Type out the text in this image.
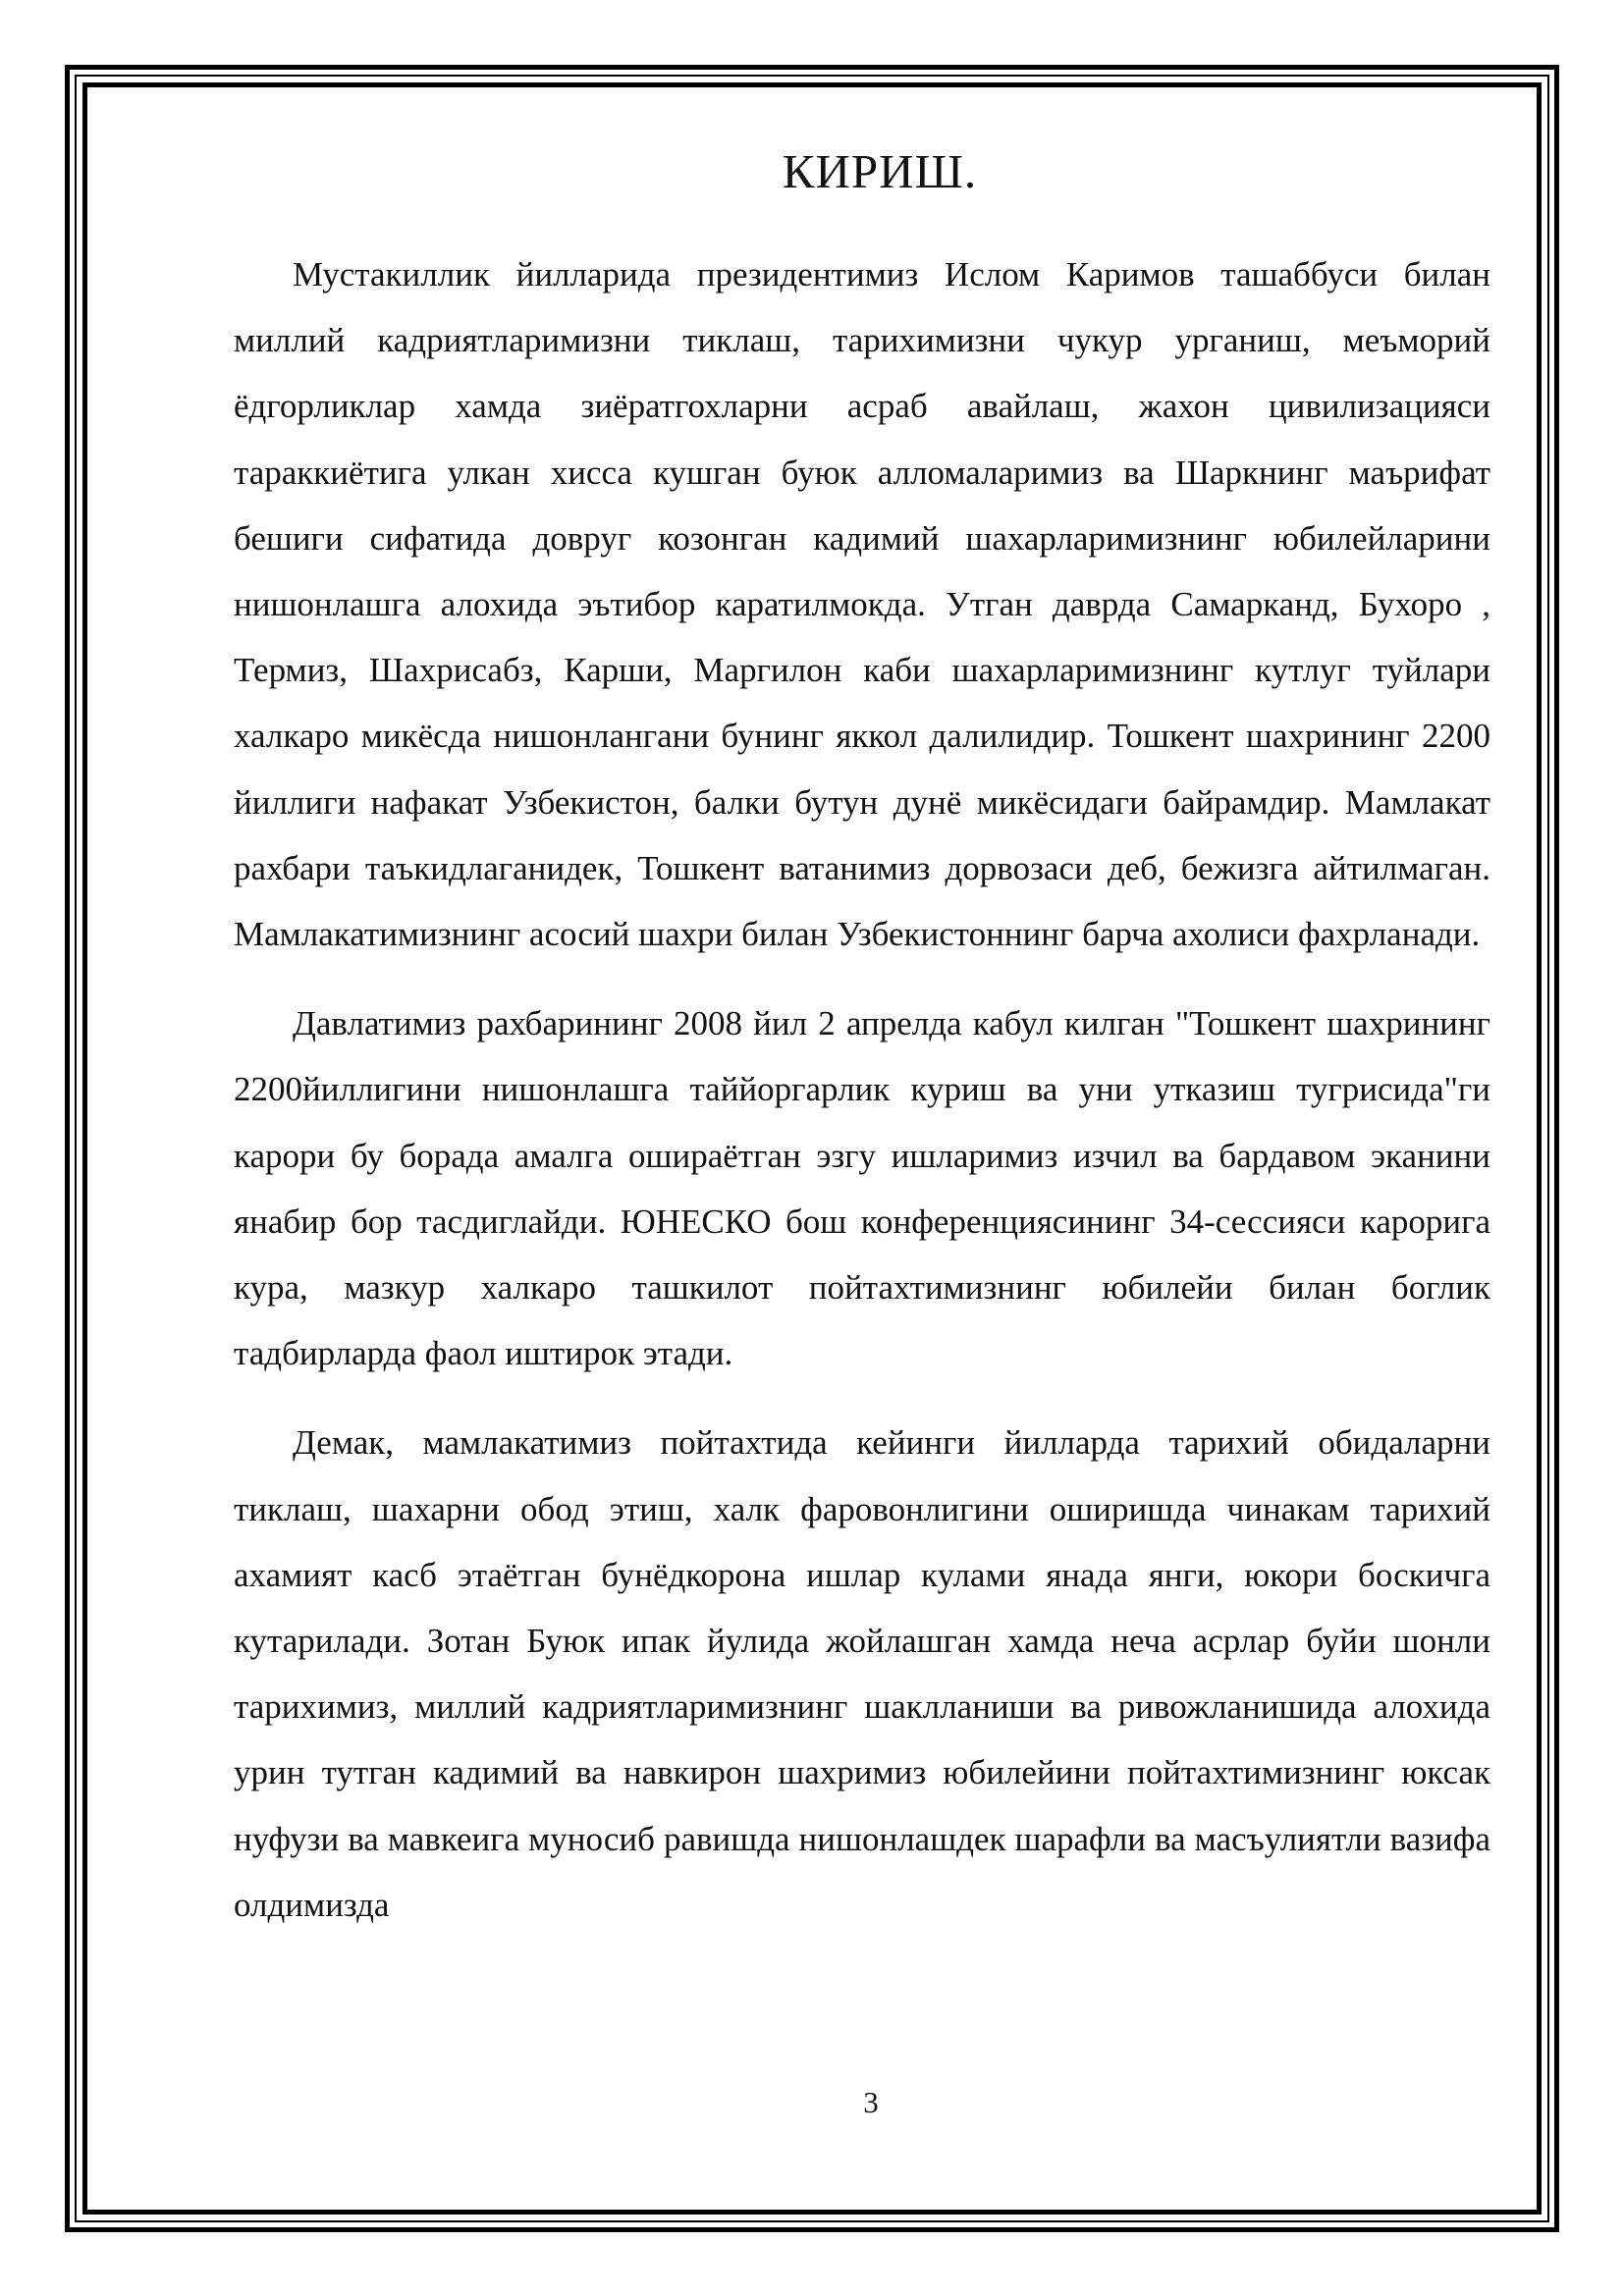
КИРИШ.

Мустакиллик йилларида президентимиз Ислом Каримов ташаббуси билан миллий кадриятларимизни тиклаш, тарихимизни чукур урганиш, меъморий ёдгорликлар хамда зиёратгохларни асраб авайлаш, жахон цивилизацияси тараккиётига улкан хисса кушган буюк алломаларимиз ва Шаркнинг маърифат бешиги сифатида довруг козонган кадимий шахарларимизнинг юбилейларини нишонлашга алохида эътибор каратилмокда. Утган даврда Самарканд, Бухоро , Термиз, Шахрисабз, Карши, Маргилон каби шахарларимизнинг кутлуг туйлари халкаро микёсда нишонлангани бунинг яккол далилидир. Тошкент шахрининг 2200 йиллиги нафакат Узбекистон, балки бутун дунё микёсидаги байрамдир. Мамлакат рахбари таъкидлаганидек, Тошкент ватанимиз дорвозаси деб, бежизга айтилмаган. Мамлакатимизнинг асосий шахри билан Узбекистоннинг барча ахолиси фахрланади.

Давлатимиз рахбарининг 2008 йил 2 апрелда кабул килган "Тошкент шахрининг 2200йиллигини нишонлашга таййоргарлик куриш ва уни утказиш тугрисида"ги карори бу борада амалга ошираётган эзгу ишларимиз изчил ва бардавом эканини янабир бор тасдиглайди. ЮНЕСКО бош конференциясининг 34-сессияси карорига кура, мазкур халкаро ташкилот пойтахтимизнинг юбилейи билан боглик тадбирларда фаол иштирок этади.

Демак, мамлакатимиз пойтахтида кейинги йилларда тарихий обидаларни тиклаш, шахарни обод этиш, халк фаровонлигини оширишда чинакам тарихий ахамият касб этаётган бунёдкорона ишлар кулами янада янги, юкори боскичга кутарилади. Зотан Буюк ипак йулида жойлашган хамда неча асрлар буйи шонли тарихимиз, миллий кадриятларимизнинг шаклланиши ва ривожланишида алохида урин тутган кадимий ва навкирон шахримиз юбилейини пойтахтимизнинг юксак нуфузи ва мавкеига муносиб равишда нишонлашдек шарафли ва масъулиятли вазифа олдимизда

3
